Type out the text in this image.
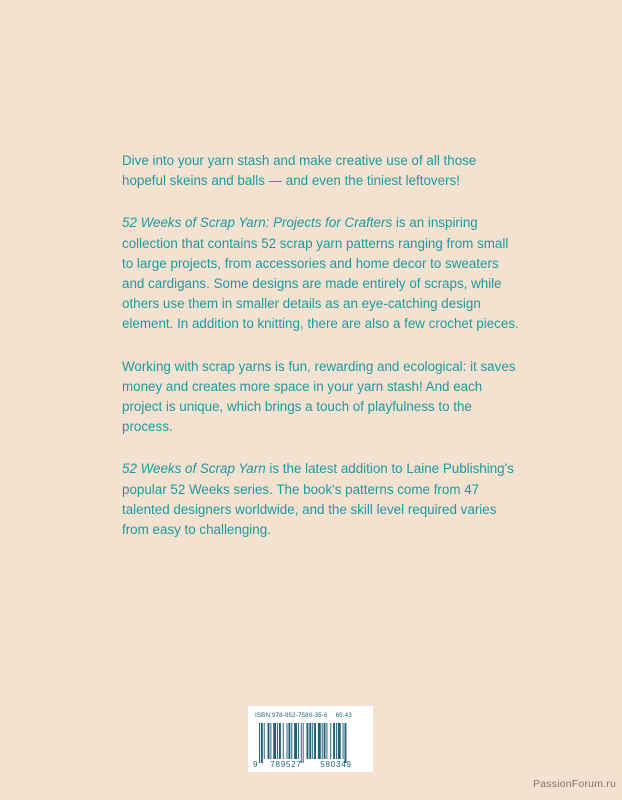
Dive into your yarn stash and make creative use of all those hopeful skeins and balls — and even the tiniest leftovers!

52 Weeks of Scrap Yarn: Projects for Crafters is an inspiring collection that contains 52 scrap yarn patterns ranging from small to large projects, from accessories and home decor to sweaters and cardigans. Some designs are made entirely of scraps, while others use them in smaller details as an eye-catching design element. In addition to knitting, there are also a few crochet pieces.

Working with scrap yarns is fun, rewarding and ecological: it saves money and creates more space in your yarn stash! And each project is unique, which brings a touch of playfulness to the process.

52 Weeks of Scrap Yarn is the latest addition to Laine Publishing's popular 52 Weeks series. The book's patterns come from 47 talented designers worldwide, and the skill level required varies from easy to challenging.

ISBN 978-952-7580-35-6 65.43
9 789527 580349
PassionForum.ru
